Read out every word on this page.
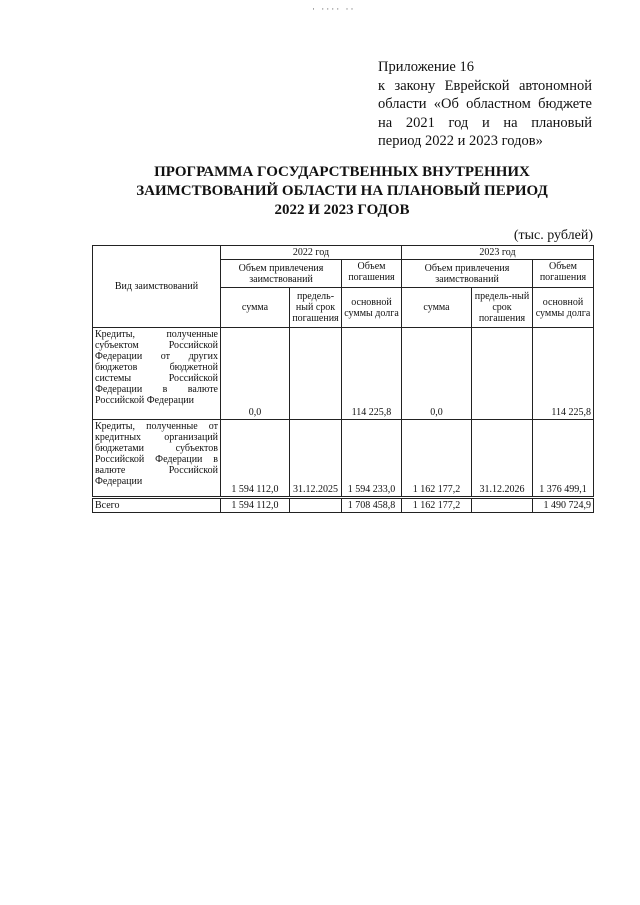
· ···· ··
Приложение 16
к закону Еврейской автономной
области «Об областном бюджете
на 2021 год и на плановый
период 2022 и 2023 годов»
ПРОГРАММА ГОСУДАРСТВЕННЫХ ВНУТРЕННИХ
ЗАИМСТВОВАНИЙ ОБЛАСТИ НА ПЛАНОВЫЙ ПЕРИОД
2022 И 2023 ГОДОВ
(тыс. рублей)
Вид заимствований	2022 год			2023 год		
	Объем привлечения заимствований		Объем погашения	Объем привлечения заимствований		Объем погашения
	сумма	предель-ный срок погашения	основной суммы долга	сумма	предель-ный срок погашения	основной суммы долга
Кредиты, полученные субъектом Российской Федерации от других бюджетов бюджетной системы Российской Федерации в валюте Российской Федерации	0,0		114 225,8	0,0		114 225,8
Кредиты, полученные от кредитных организаций бюджетами субъектов Российской Федерации в валюте Российской Федерации	1 594 112,0	31.12.2025	1 594 233,0	1 162 177,2	31.12.2026	1 376 499,1
Всего	1 594 112,0		1 708 458,8	1 162 177,2		1 490 724,9
